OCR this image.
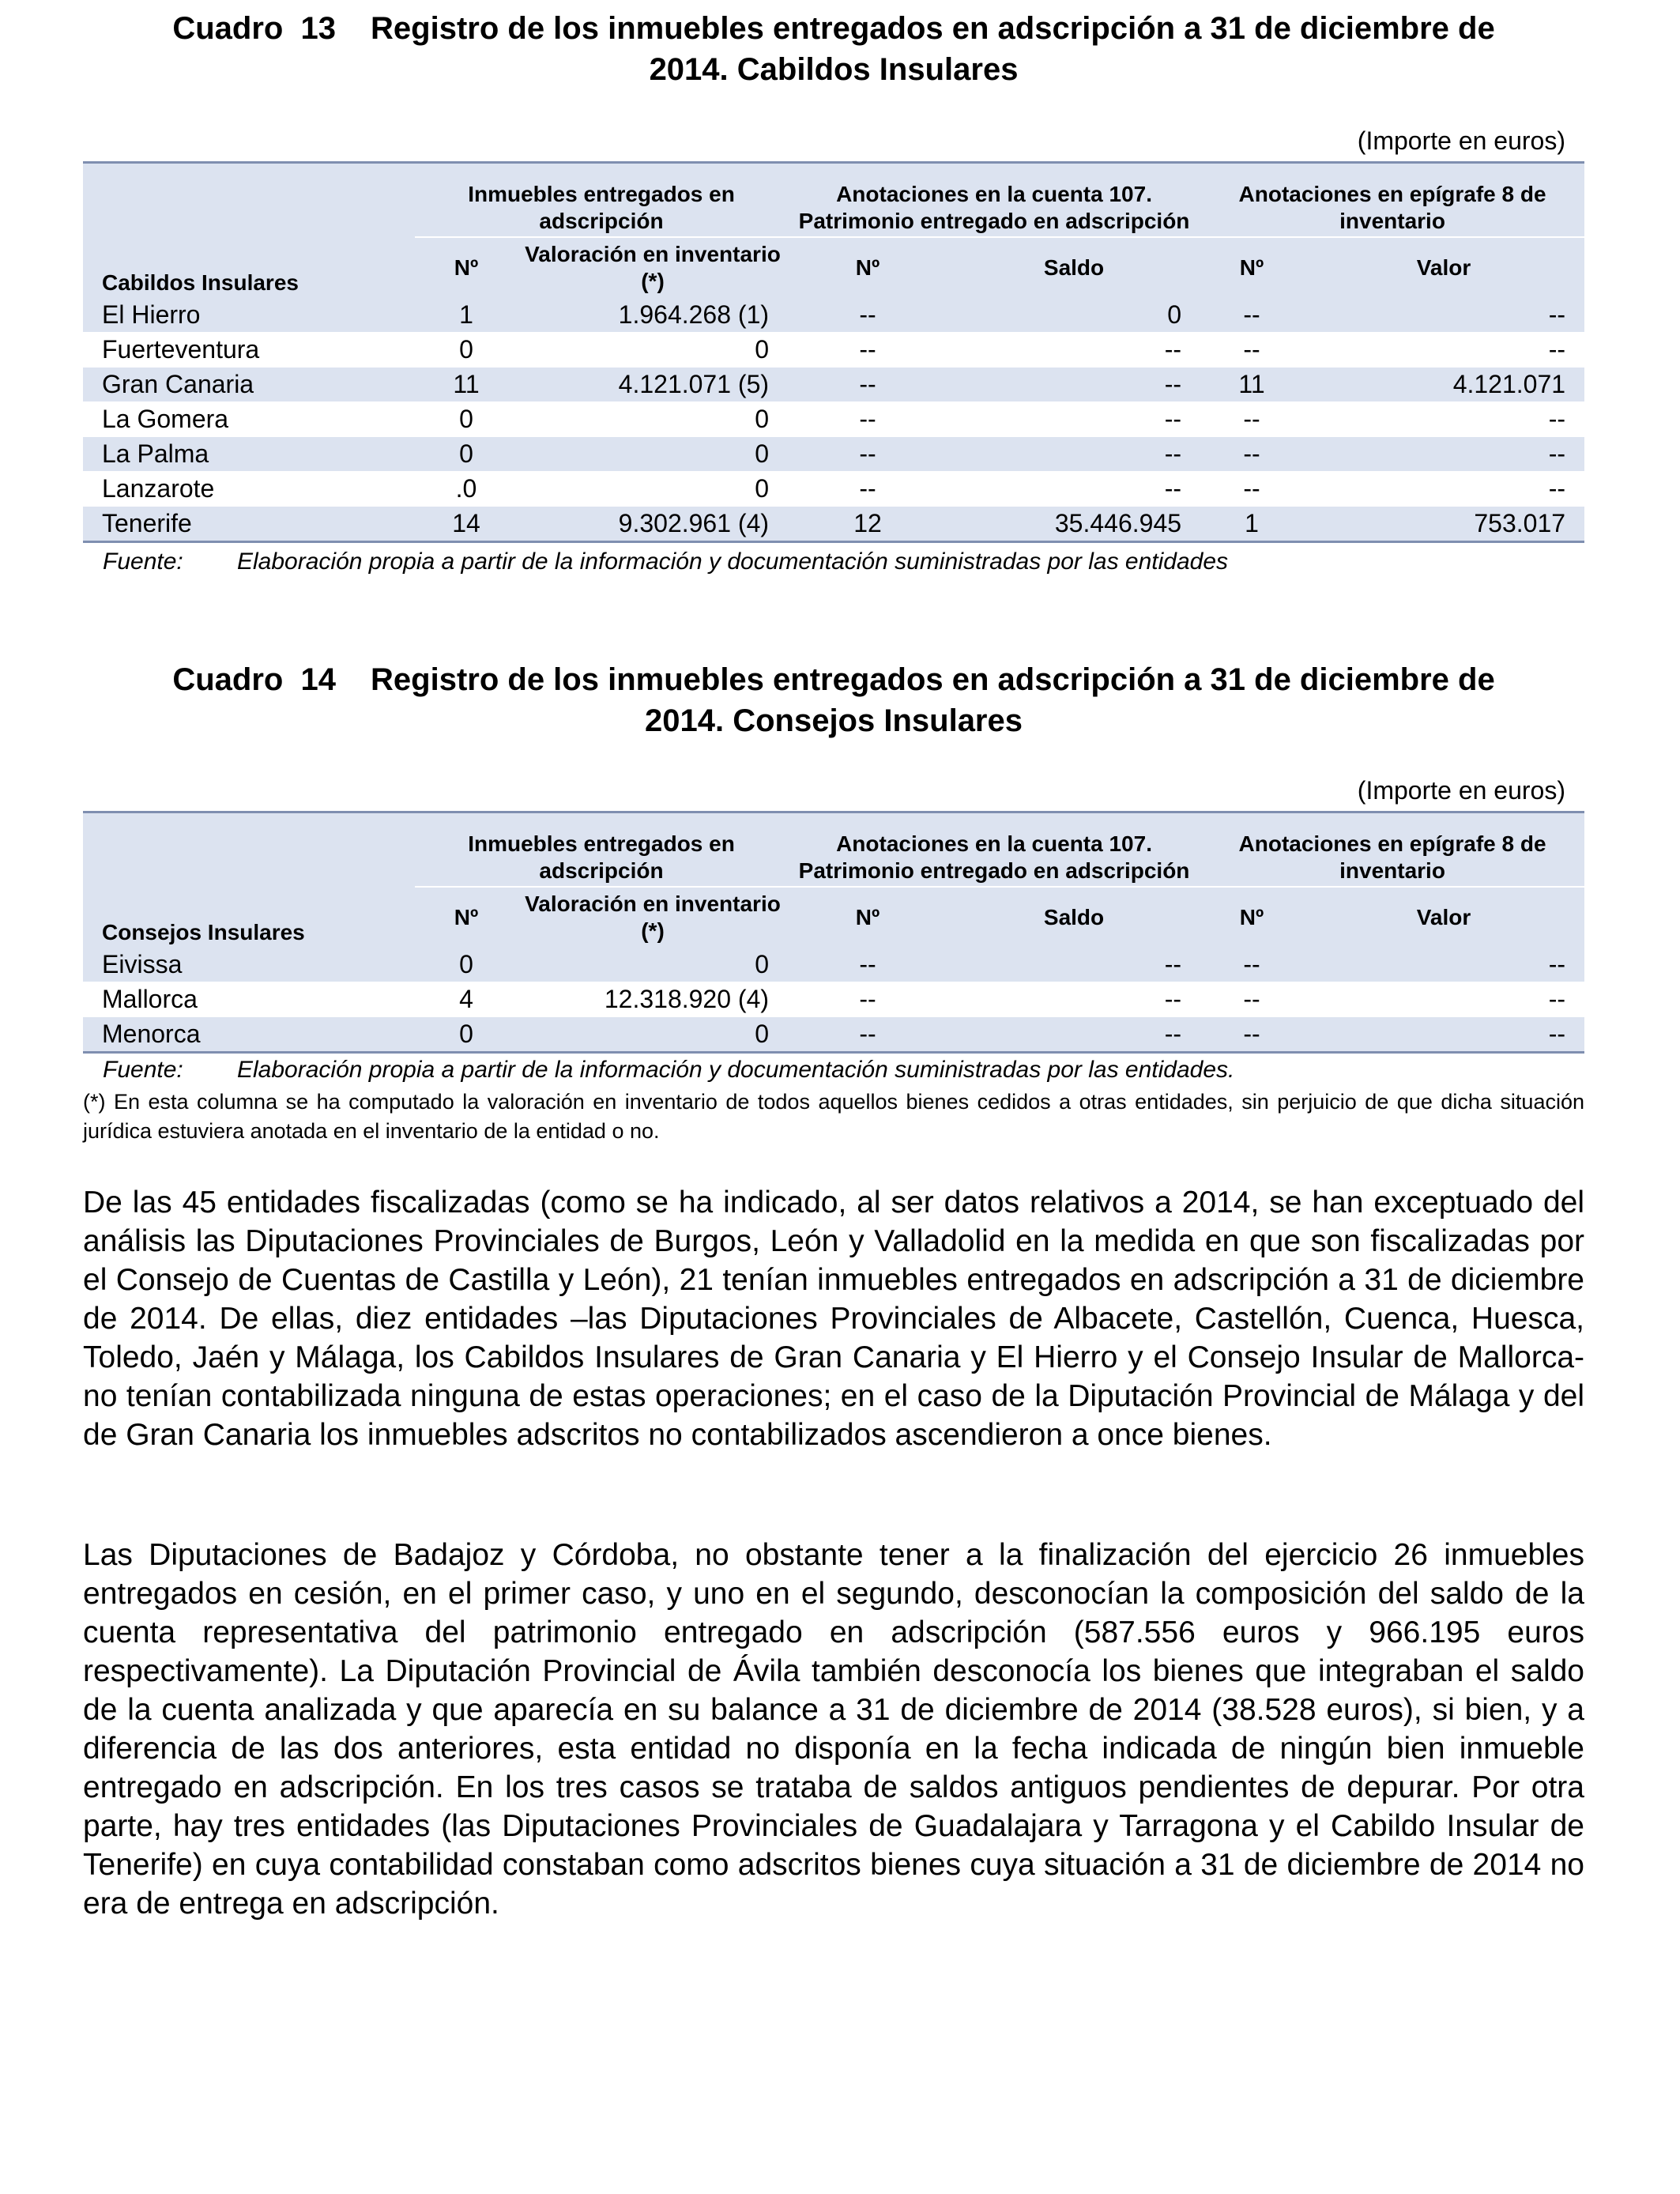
Cuadro  13 Registro de los inmuebles entregados en adscripción a 31 de diciembre de
2014. Cabildos Insulares
(Importe en euros)
Cabildos Insulares	Inmuebles entregados en adscripción		Anotaciones en la cuenta 107. Patrimonio entregado en adscripción		Anotaciones en epígrafe 8 de inventario	
	Nº	Valoración en inventario (*)	Nº	Saldo	Nº	Valor
El Hierro	1	1.964.268 (1)	--	0	--	--
Fuerteventura	0	0	--	--	--	--
Gran Canaria	11	4.121.071 (5)	--	--	11	4.121.071
La Gomera	0	0	--	--	--	--
La Palma	0	0	--	--	--	--
Lanzarote	.0	0	--	--	--	--
Tenerife	14	9.302.961 (4)	12	35.446.945	1	753.017
Fuente: Elaboración propia a partir de la información y documentación suministradas por las entidades
Cuadro  14 Registro de los inmuebles entregados en adscripción a 31 de diciembre de
2014. Consejos Insulares
(Importe en euros)
Consejos Insulares	Inmuebles entregados en adscripción		Anotaciones en la cuenta 107. Patrimonio entregado en adscripción		Anotaciones en epígrafe 8 de inventario	
	Nº	Valoración en inventario (*)	Nº	Saldo	Nº	Valor
Eivissa	0	0	--	--	--	--
Mallorca	4	12.318.920 (4)	--	--	--	--
Menorca	0	0	--	--	--	--
Fuente: Elaboración propia a partir de la información y documentación suministradas por las entidades.
(*) En esta columna se ha computado la valoración en inventario de todos aquellos bienes cedidos a otras entidades, sin perjuicio de que dicha situación jurídica estuviera anotada en el inventario de la entidad o no.
De las 45 entidades fiscalizadas (como se ha indicado, al ser datos relativos a 2014, se han exceptuado del análisis las Diputaciones Provinciales de Burgos, León y Valladolid en la medida en que son fiscalizadas por el Consejo de Cuentas de Castilla y León), 21 tenían inmuebles entregados en adscripción a 31 de diciembre de 2014. De ellas, diez entidades –las Diputaciones Provinciales de Albacete, Castellón, Cuenca, Huesca, Toledo, Jaén y Málaga, los Cabildos Insulares de Gran Canaria y El Hierro y el Consejo Insular de Mallorca- no tenían contabilizada ninguna de estas operaciones; en el caso de la Diputación Provincial de Málaga y del de Gran Canaria los inmuebles adscritos no contabilizados ascendieron a once bienes.
Las Diputaciones de Badajoz y Córdoba, no obstante tener a la finalización del ejercicio 26 inmuebles entregados en cesión, en el primer caso, y uno en el segundo, desconocían la composición del saldo de la cuenta representativa del patrimonio entregado en adscripción (587.556 euros y 966.195 euros respectivamente). La Diputación Provincial de Ávila también desconocía los bienes que integraban el saldo de la cuenta analizada y que aparecía en su balance a 31 de diciembre de 2014 (38.528 euros), si bien, y a diferencia de las dos anteriores, esta entidad no disponía en la fecha indicada de ningún bien inmueble entregado en adscripción. En los tres casos se trataba de saldos antiguos pendientes de depurar. Por otra parte, hay tres entidades (las Diputaciones Provinciales de Guadalajara y Tarragona y el Cabildo Insular de Tenerife) en cuya contabilidad constaban como adscritos bienes cuya situación a 31 de diciembre de 2014 no era de entrega en adscripción.
